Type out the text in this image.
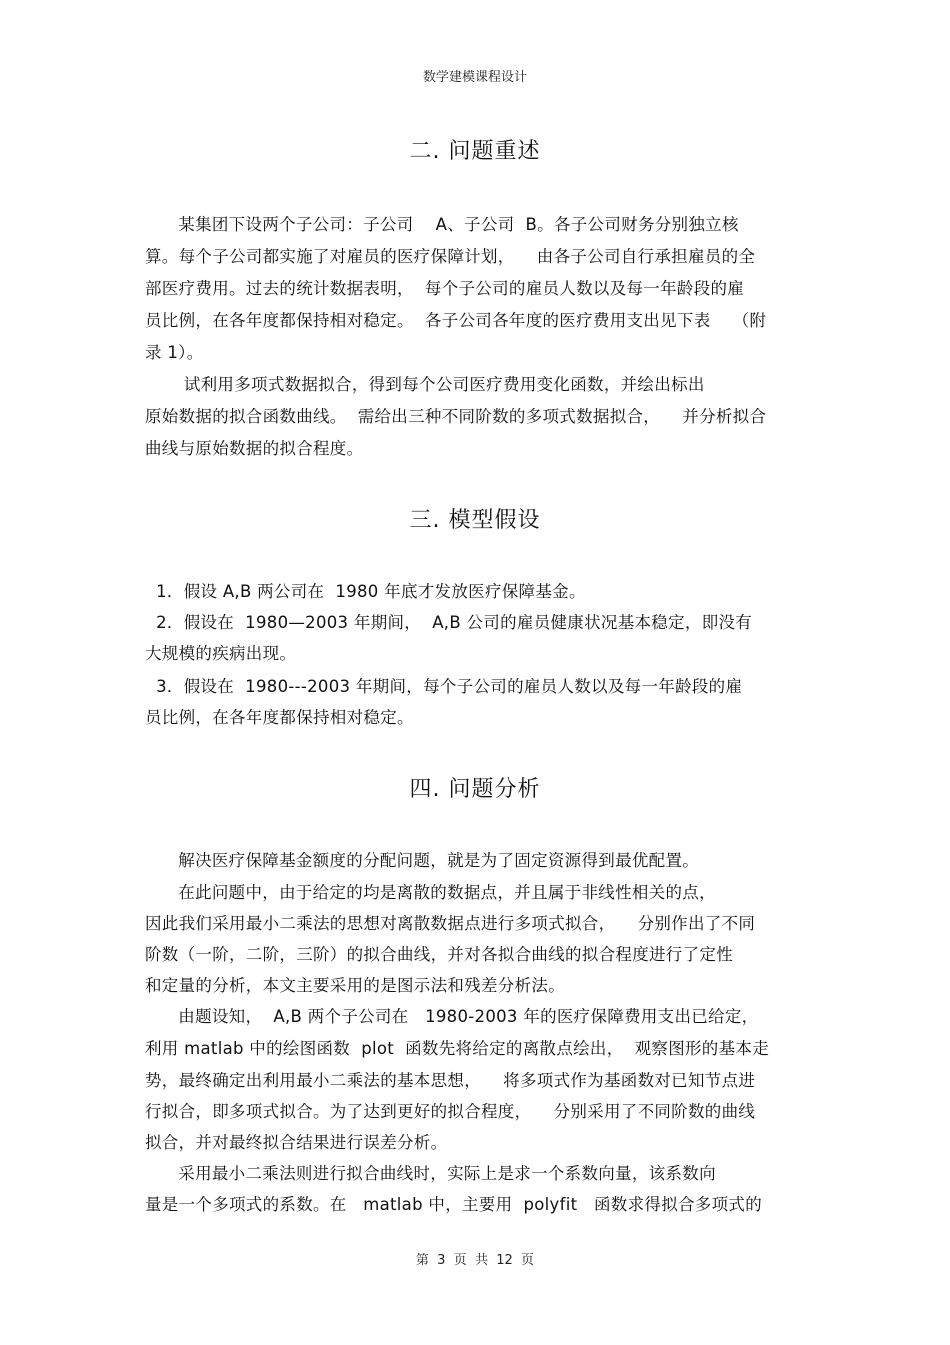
数学建模课程设计
二. 问题重述
某集团下设两个子公司：子公司    A、子公司  B。各子公司财务分别独立核
算。每个子公司都实施了对雇员的医疗保障计划，    由各子公司自行承担雇员的全
部医疗费用。过去的统计数据表明，  每个子公司的雇员人数以及每一年龄段的雇
员比例，在各年度都保持相对稳定。  各子公司各年度的医疗费用支出见下表    （附
录 1）。
试利用多项式数据拟合，得到每个公司医疗费用变化函数，并绘出标出
原始数据的拟合函数曲线。  需给出三种不同阶数的多项式数据拟合，    并分析拟合
曲线与原始数据的拟合程度。
三. 模型假设
1．假设 A,B 两公司在  1980 年底才发放医疗保障基金。
2．假设在  1980—2003 年期间，  A,B 公司的雇员健康状况基本稳定，即没有
大规模的疾病出现。
3．假设在  1980---2003 年期间，每个子公司的雇员人数以及每一年龄段的雇
员比例，在各年度都保持相对稳定。
四. 问题分析
解决医疗保障基金额度的分配问题，就是为了固定资源得到最优配置。
在此问题中，由于给定的均是离散的数据点，并且属于非线性相关的点，
因此我们采用最小二乘法的思想对离散数据点进行多项式拟合，    分别作出了不同
阶数（一阶，二阶，三阶）的拟合曲线，并对各拟合曲线的拟合程度进行了定性
和定量的分析，本文主要采用的是图示法和残差分析法。
由题设知，  A,B 两个子公司在   1980-2003 年的医疗保障费用支出已给定，
利用 matlab 中的绘图函数  plot  函数先将给定的离散点绘出，  观察图形的基本走
势，最终确定出利用最小二乘法的基本思想，    将多项式作为基函数对已知节点进
行拟合，即多项式拟合。为了达到更好的拟合程度，    分别采用了不同阶数的曲线
拟合，并对最终拟合结果进行误差分析。
采用最小二乘法则进行拟合曲线时，实际上是求一个系数向量，该系数向
量是一个多项式的系数。在   matlab 中，主要用  polyfit   函数求得拟合多项式的
第  3  页  共  12  页
